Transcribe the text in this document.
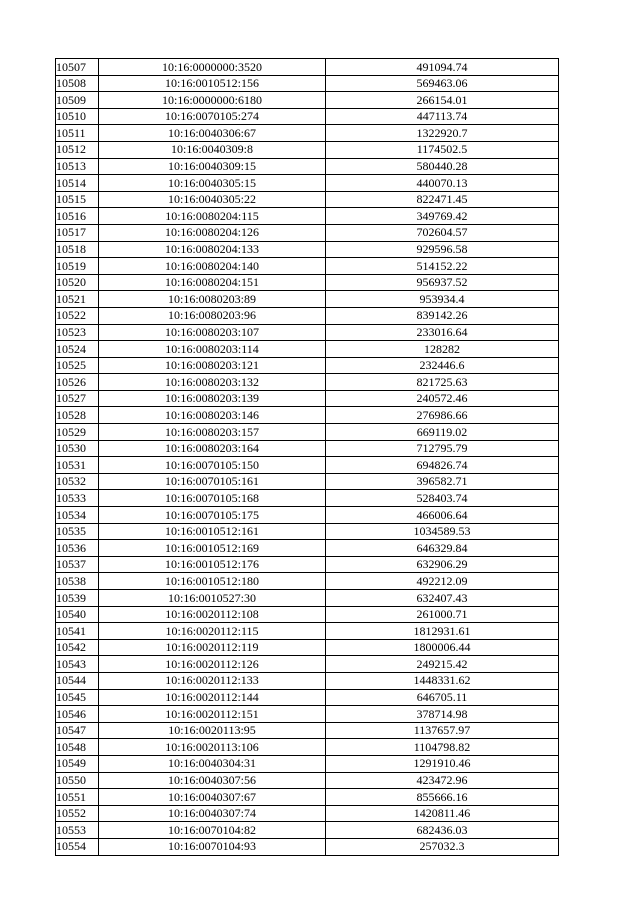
10507	10:16:0000000:3520	491094.74
10508	10:16:0010512:156	569463.06
10509	10:16:0000000:6180	266154.01
10510	10:16:0070105:274	447113.74
10511	10:16:0040306:67	1322920.7
10512	10:16:0040309:8	1174502.5
10513	10:16:0040309:15	580440.28
10514	10:16:0040305:15	440070.13
10515	10:16:0040305:22	822471.45
10516	10:16:0080204:115	349769.42
10517	10:16:0080204:126	702604.57
10518	10:16:0080204:133	929596.58
10519	10:16:0080204:140	514152.22
10520	10:16:0080204:151	956937.52
10521	10:16:0080203:89	953934.4
10522	10:16:0080203:96	839142.26
10523	10:16:0080203:107	233016.64
10524	10:16:0080203:114	128282
10525	10:16:0080203:121	232446.6
10526	10:16:0080203:132	821725.63
10527	10:16:0080203:139	240572.46
10528	10:16:0080203:146	276986.66
10529	10:16:0080203:157	669119.02
10530	10:16:0080203:164	712795.79
10531	10:16:0070105:150	694826.74
10532	10:16:0070105:161	396582.71
10533	10:16:0070105:168	528403.74
10534	10:16:0070105:175	466006.64
10535	10:16:0010512:161	1034589.53
10536	10:16:0010512:169	646329.84
10537	10:16:0010512:176	632906.29
10538	10:16:0010512:180	492212.09
10539	10:16:0010527:30	632407.43
10540	10:16:0020112:108	261000.71
10541	10:16:0020112:115	1812931.61
10542	10:16:0020112:119	1800006.44
10543	10:16:0020112:126	249215.42
10544	10:16:0020112:133	1448331.62
10545	10:16:0020112:144	646705.11
10546	10:16:0020112:151	378714.98
10547	10:16:0020113:95	1137657.97
10548	10:16:0020113:106	1104798.82
10549	10:16:0040304:31	1291910.46
10550	10:16:0040307:56	423472.96
10551	10:16:0040307:67	855666.16
10552	10:16:0040307:74	1420811.46
10553	10:16:0070104:82	682436.03
10554	10:16:0070104:93	257032.3
